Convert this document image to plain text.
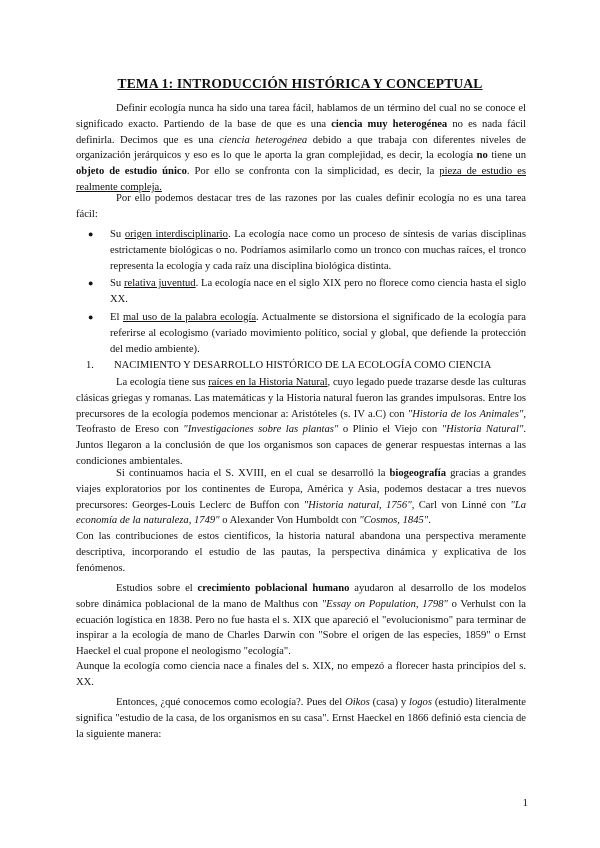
TEMA 1: INTRODUCCIÓN HISTÓRICA Y CONCEPTUAL
Definir ecología nunca ha sido una tarea fácil, hablamos de un término del cual no se conoce el significado exacto. Partiendo de la base de que es una ciencia muy heterogénea no es nada fácil definirla. Decimos que es una ciencia heterogénea debido a que trabaja con diferentes niveles de organización jerárquicos y eso es lo que le aporta la gran complejidad, es decir, la ecología no tiene un objeto de estudio único. Por ello se confronta con la simplicidad, es decir, la pieza de estudio es realmente compleja.
Por ello podemos destacar tres de las razones por las cuales definir ecología no es una tarea fácil:
● Su origen interdisciplinario. La ecología nace como un proceso de síntesis de varias disciplinas estrictamente biológicas o no. Podríamos asimilarlo como un tronco con muchas raíces, el tronco representa la ecología y cada raíz una disciplina biológica distinta.
● Su relativa juventud. La ecología nace en el siglo XIX pero no florece como ciencia hasta el siglo XX.
● El mal uso de la palabra ecología. Actualmente se distorsiona el significado de la ecología para referirse al ecologismo (variado movimiento político, social y global, que defiende la protección del medio ambiente).
1. NACIMIENTO Y DESARROLLO HISTÓRICO DE LA ECOLOGÍA COMO CIENCIA
La ecología tiene sus raíces en la Historia Natural, cuyo legado puede trazarse desde las culturas clásicas griegas y romanas. Las matemáticas y la Historia natural fueron las grandes impulsoras. Entre los precursores de la ecología podemos mencionar a: Aristóteles (s. IV a.C) con "Historia de los Animales", Teofrasto de Ereso con "Investigaciones sobre las plantas" o Plinio el Viejo con "Historia Natural". Juntos llegaron a la conclusión de que los organismos son capaces de generar respuestas internas a las condiciones ambientales.
Si continuamos hacia el S. XVIII, en el cual se desarrolló la biogeografía gracias a grandes viajes exploratorios por los continentes de Europa, América y Asia, podemos destacar a tres nuevos precursores: Georges-Louis Leclerc de Buffon con "Historia natural, 1756", Carl von Linné con "La economía de la naturaleza, 1749" o Alexander Von Humboldt con "Cosmos, 1845".
Con las contribuciones de estos científicos, la historia natural abandona una perspectiva meramente descriptiva, incorporando el estudio de las pautas, la perspectiva dinámica y explicativa de los fenómenos.
Estudios sobre el crecimiento poblacional humano ayudaron al desarrollo de los modelos sobre dinámica poblacional de la mano de Malthus con "Essay on Population, 1798" o Verhulst con la ecuación logística en 1838. Pero no fue hasta el s. XIX que apareció el "evolucionismo" para terminar de inspirar a la ecología de mano de Charles Darwin con "Sobre el origen de las especies, 1859" o Ernst Haeckel el cual propone el neologismo "ecología".
Aunque la ecología como ciencia nace a finales del s. XIX, no empezó a florecer hasta principios del s. XX.
Entonces, ¿qué conocemos como ecología?. Pues del Oikos (casa) y logos (estudio) literalmente significa "estudio de la casa, de los organismos en su casa". Ernst Haeckel en 1866 definió esta ciencia de la siguiente manera:
1
